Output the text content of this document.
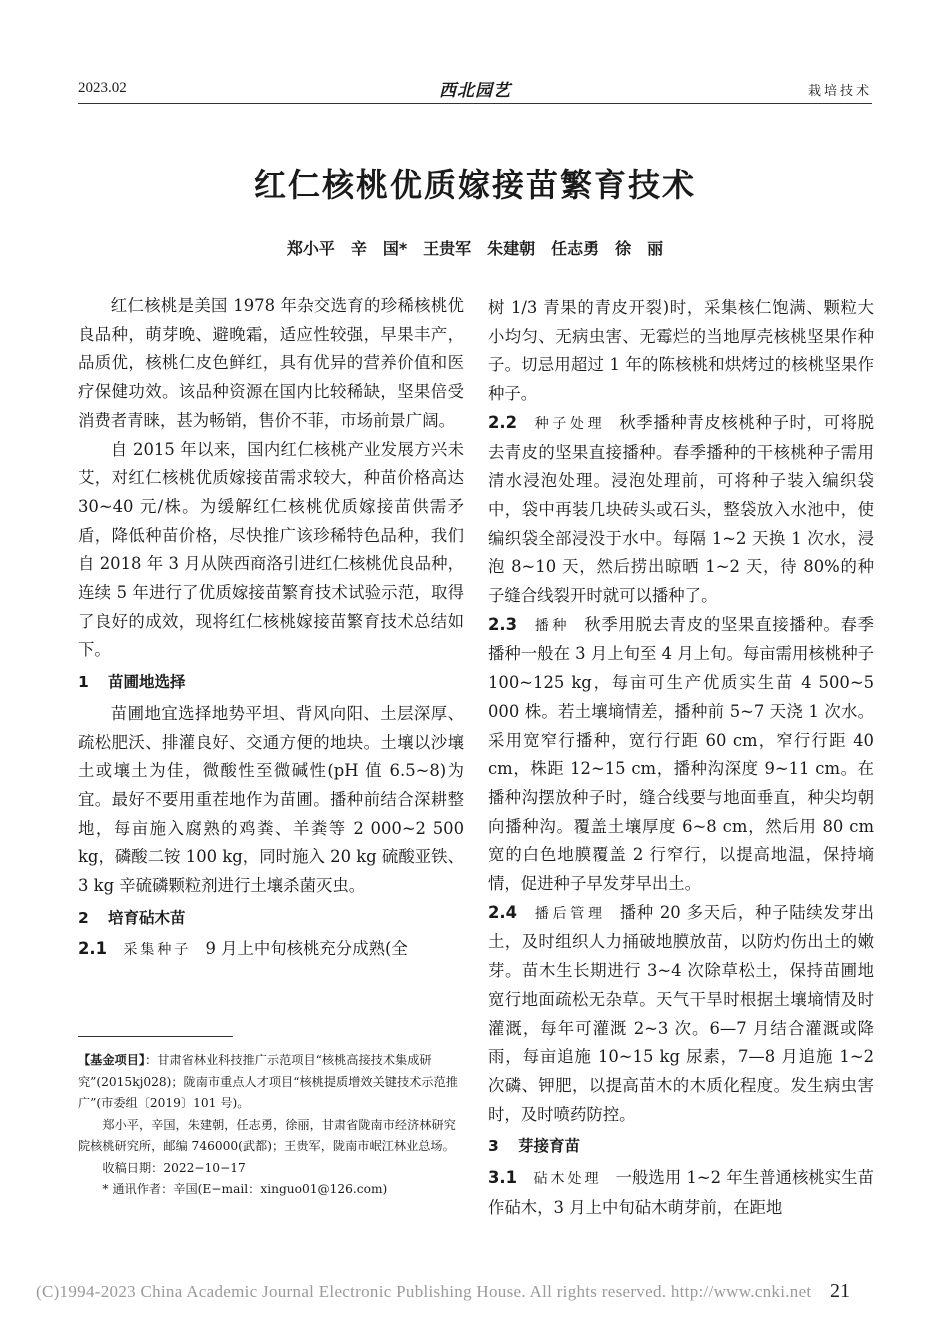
2023.02	西北园艺	栽培技术
红仁核桃优质嫁接苗繁育技术
郑小平　辛　国*　王贵军　朱建朝　任志勇　徐　丽

红仁核桃是美国 1978 年杂交选育的珍稀核桃优良品种，萌芽晚、避晚霜，适应性较强，早果丰产，品质优，核桃仁皮色鲜红，具有优异的营养价值和医疗保健功效。该品种资源在国内比较稀缺，坚果倍受消费者青睐，甚为畅销，售价不菲，市场前景广阔。

自 2015 年以来，国内红仁核桃产业发展方兴未艾，对红仁核桃优质嫁接苗需求较大，种苗价格高达 30~40 元/株。为缓解红仁核桃优质嫁接苗供需矛盾，降低种苗价格，尽快推广该珍稀特色品种，我们自 2018 年 3 月从陕西商洛引进红仁核桃优良品种，连续 5 年进行了优质嫁接苗繁育技术试验示范，取得了良好的成效，现将红仁核桃嫁接苗繁育技术总结如下。

1 苗圃地选择

苗圃地宜选择地势平坦、背风向阳、土层深厚、疏松肥沃、排灌良好、交通方便的地块。土壤以沙壤土或壤土为佳，微酸性至微碱性(pH 值 6.5~8)为宜。最好不要用重茬地作为苗圃。播种前结合深耕整地，每亩施入腐熟的鸡粪、羊粪等 2 000~2 500 kg，磷酸二铵 100 kg，同时施入 20 kg 硫酸亚铁、3 kg 辛硫磷颗粒剂进行土壤杀菌灭虫。

2 培育砧木苗

2.1　 采集种子 9 月上中旬核桃充分成熟(全

【基金项目】：甘肃省林业科技推广示范项目“核桃高接技术集成研究”(2015kj028)；陇南市重点人才项目“核桃提质增效关键技术示范推广”(市委组〔2019〕101 号)。

郑小平，辛国，朱建朝，任志勇，徐丽，甘肃省陇南市经济林研究院核桃研究所，邮编 746000(武都)；王贵军，陇南市岷江林业总场。

收稿日期：2022−10−17

* 通讯作者：辛国(E−mail：xinguo01@126.com)

树 1/3 青果的青皮开裂)时，采集核仁饱满、颗粒大小均匀、无病虫害、无霉烂的当地厚壳核桃坚果作种子。切忌用超过 1 年的陈核桃和烘烤过的核桃坚果作种子。

2.2　 种子处理 秋季播种青皮核桃种子时，可将脱去青皮的坚果直接播种。春季播种的干核桃种子需用清水浸泡处理。浸泡处理前，可将种子装入编织袋中，袋中再装几块砖头或石头，整袋放入水池中，使编织袋全部浸没于水中。每隔 1~2 天换 1 次水，浸泡 8~10 天，然后捞出晾晒 1~2 天，待 80%的种子缝合线裂开时就可以播种了。

2.3　 播种 秋季用脱去青皮的坚果直接播种。春季播种一般在 3 月上旬至 4 月上旬。每亩需用核桃种子 100~125 kg，每亩可生产优质实生苗 4 500~5 000 株。若土壤墒情差，播种前 5~7 天浇 1 次水。采用宽窄行播种，宽行行距 60 cm，窄行行距 40 cm，株距 12~15 cm，播种沟深度 9~11 cm。在播种沟摆放种子时，缝合线要与地面垂直，种尖均朝向播种沟。覆盖土壤厚度 6~8 cm，然后用 80 cm 宽的白色地膜覆盖 2 行窄行，以提高地温，保持墒情，促进种子早发芽早出土。

2.4　 播后管理 播种 20 多天后，种子陆续发芽出土，及时组织人力捅破地膜放苗，以防灼伤出土的嫩芽。苗木生长期进行 3~4 次除草松土，保持苗圃地宽行地面疏松无杂草。天气干旱时根据土壤墒情及时灌溉，每年可灌溉 2~3 次。6—7 月结合灌溉或降雨，每亩追施 10~15 kg 尿素，7—8 月追施 1~2 次磷、钾肥，以提高苗木的木质化程度。发生病虫害时，及时喷药防控。

3 芽接育苗

3.1　 砧木处理 一般选用 1~2 年生普通核桃实生苗作砧木，3 月上中旬砧木萌芽前，在距地

(C)1994-2023 China Academic Journal Electronic Publishing House. All rights reserved. http://www.cnki.net 21
